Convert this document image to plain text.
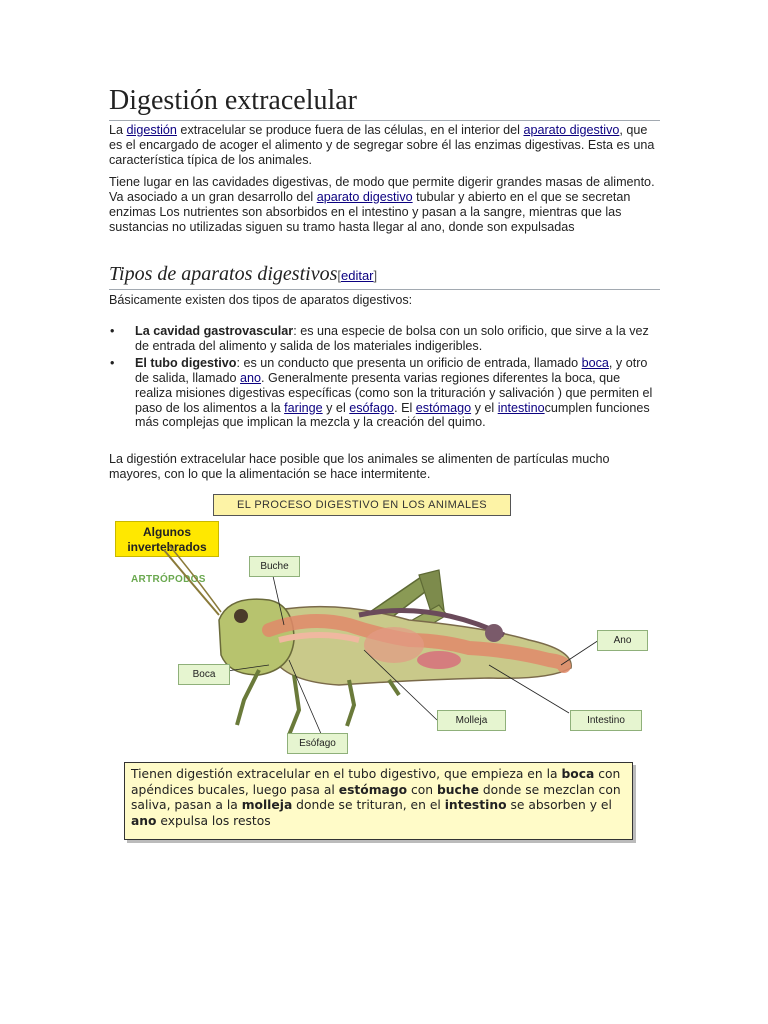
Digestión extracelular

La digestión extracelular se produce fuera de las células, en el interior del aparato digestivo, que es el encargado de acoger el alimento y de segregar sobre él las enzimas digestivas. Esta es una característica típica de los animales.

Tiene lugar en las cavidades digestivas, de modo que permite digerir grandes masas de alimento. Va asociado a un gran desarrollo del aparato digestivo tubular y abierto en el que se secretan enzimas Los nutrientes son absorbidos en el intestino y pasan a la sangre, mientras que las sustancias no utilizadas siguen su tramo hasta llegar al ano, donde son expulsadas

Tipos de aparatos digestivos[editar]

Básicamente existen dos tipos de aparatos digestivos:

• La cavidad gastrovascular: es una especie de bolsa con un solo orificio, que sirve a la vez de entrada del alimento y salida de los materiales indigeribles.
• El tubo digestivo: es un conducto que presenta un orificio de entrada, llamado boca, y otro de salida, llamado ano. Generalmente presenta varias regiones diferentes la boca, que realiza misiones digestivas específicas (como son la trituración y salivación ) que permiten el paso de los alimentos a la faringe y el esófago. El estómago y el intestinocumplen funciones más complejas que implican la mezcla y la creación del quimo.

La digestión extracelular hace posible que los animales se alimenten de partículas mucho mayores, con lo que la alimentación se hace intermitente.

EL PROCESO DIGESTIVO EN LOS ANIMALES
Algunos invertebrados
ARTRÓPODOS
Buche
Boca
Esófago
Molleja
Ano
Intestino
Tienen digestión extracelular en el tubo digestivo, que empieza en la boca con apéndices bucales, luego pasa al estómago con buche donde se mezclan con saliva, pasan a la molleja donde se trituran, en el intestino se absorben y el ano expulsa los restos
